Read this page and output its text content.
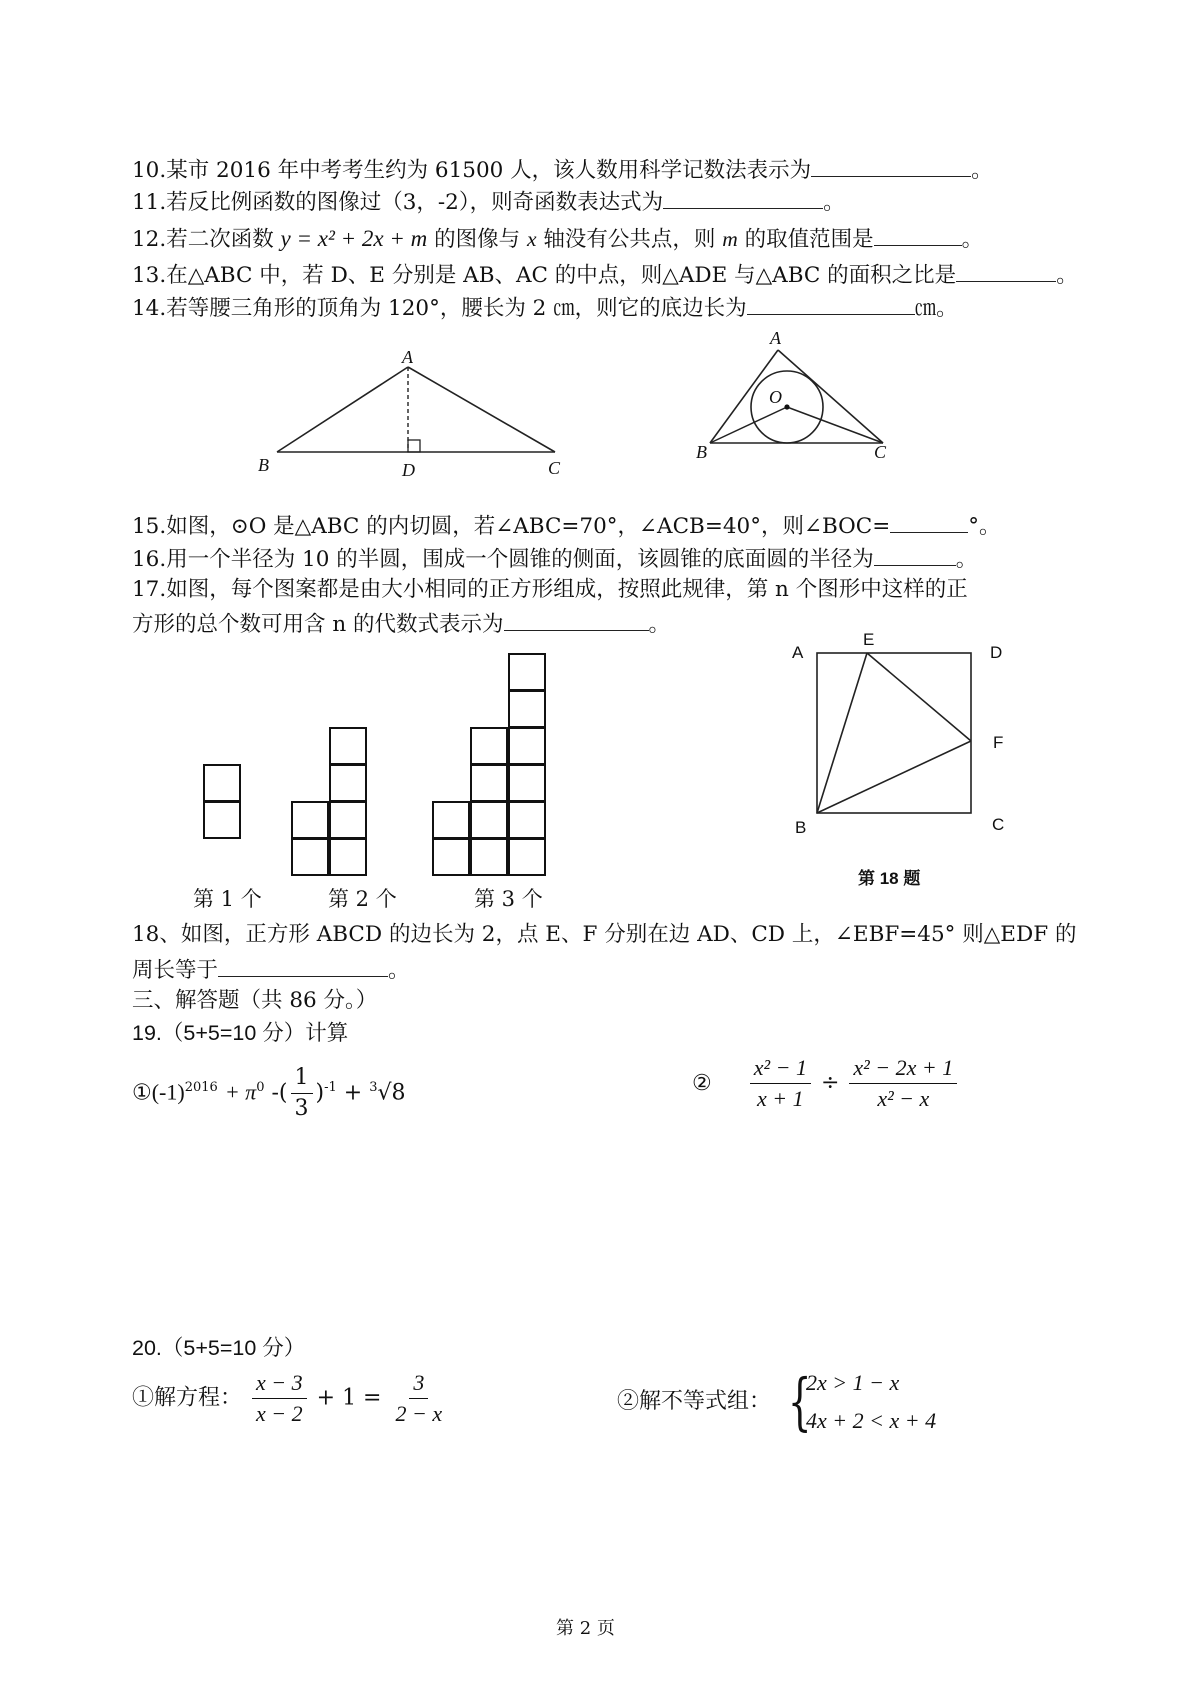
10.某市 2016 年中考考生约为 61500 人，该人数用科学记数法表示为	。
11.若反比例函数的图像过（3，-2），则奇函数表达式为	。
12.若二次函数 y = x² + 2x + m 的图像与 x 轴没有公共点，则 m 的取值范围是	。
13.在△ABC 中，若 D、E 分别是 AB、AC 的中点，则△ADE 与△ABC 的面积之比是	。
14.若等腰三角形的顶角为 120°，腰长为 2 ㎝，则它的底边长为	㎝。
A
B	D	C
A
O
B	C
15.如图，⊙O 是△ABC 的内切圆，若∠ABC=70°，∠ACB=40°，则∠BOC=	°。
16.用一个半径为 10 的半圆，围成一个圆锥的侧面，该圆锥的底面圆的半径为	。
17.如图，每个图案都是由大小相同的正方形组成，按照此规律，第 n 个图形中这样的正
方形的总个数可用含 n 的代数式表示为	。
第 1 个	第 2 个	第 3 个
A
E
D
F
B	C
第 18 题
18、如图，正方形 ABCD 的边长为 2，点 E、F 分别在边 AD、CD 上，∠EBF=45° 则△EDF 的
周长等于	。
三、解答题（共 86 分。）
19.（5+5=10 分）计算
$①(-1)^{2016} + \pi^0$ -( $\frac{1}{3} )^{-1} + ^3√8$	② $\frac{\text{x² − 1}}{x + 1} \div \frac{\text{x² − 2x + 1}}{\text{x² − x}}$
20.（5+5=10 分）
①解方程： $\frac{x - 3}{x - 2} + 1 = \frac{3}{2 - x}$	②解不等式组： {
2x > 1 − x
4x + 2 < x + 4
第 2 页
